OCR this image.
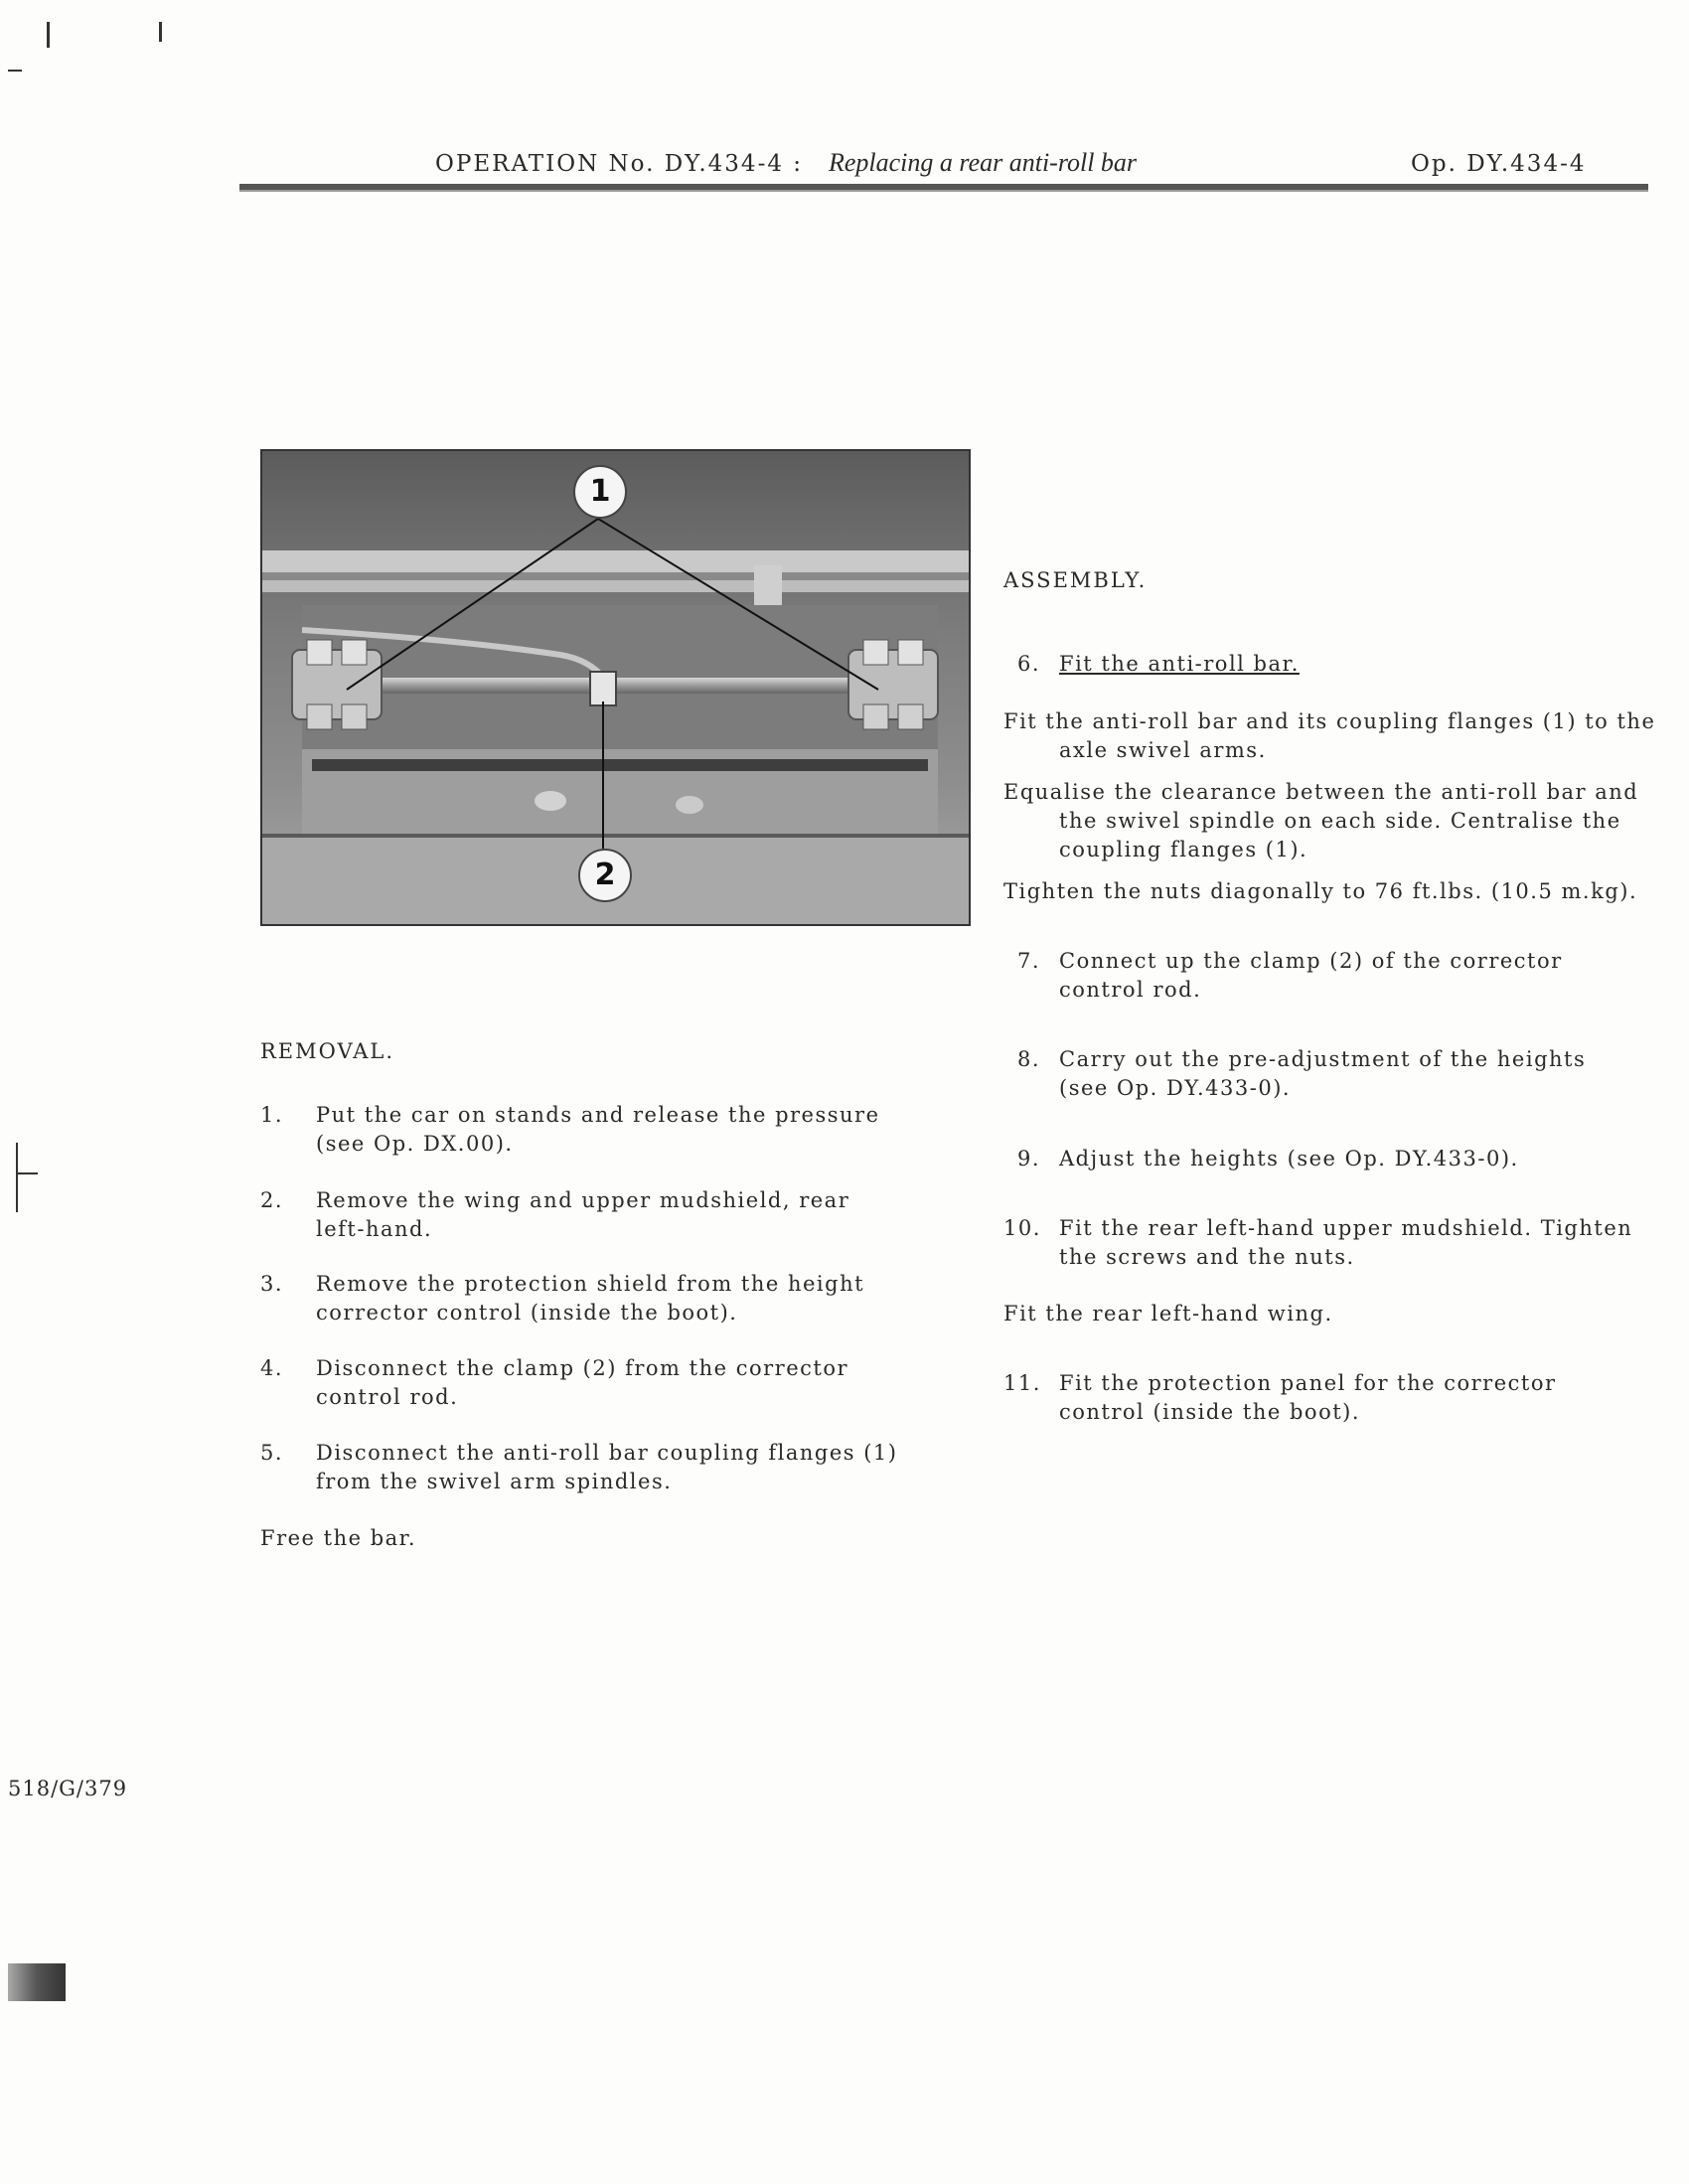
OPERATION No. DY.434-4 : Replacing a rear anti-roll bar	Op. DY.434-4
1
2
REMOVAL.
1. Put the car on stands and release the pressure
(see Op. DX.00).
2. Remove the wing and upper mudshield, rear
left-hand.
3. Remove the protection shield from the height
corrector control (inside the boot).
4. Disconnect the clamp (2) from the corrector
control rod.
5. Disconnect the anti-roll bar coupling flanges (1)
from the swivel arm spindles.
Free the bar.
ASSEMBLY.
6. Fit the anti-roll bar.
Fit the anti-roll bar and its coupling flanges (1) to the
axle swivel arms.
Equalise the clearance between the anti-roll bar and
the swivel spindle on each side. Centralise the
coupling flanges (1).
Tighten the nuts diagonally to 76 ft.lbs. (10.5 m.kg).
7. Connect up the clamp (2) of the corrector
control rod.
8. Carry out the pre-adjustment of the heights
(see Op. DY.433-0).
9. Adjust the heights (see Op. DY.433-0).
10. Fit the rear left-hand upper mudshield. Tighten
the screws and the nuts.
Fit the rear left-hand wing.
11. Fit the protection panel for the corrector
control (inside the boot).
518/G/379
